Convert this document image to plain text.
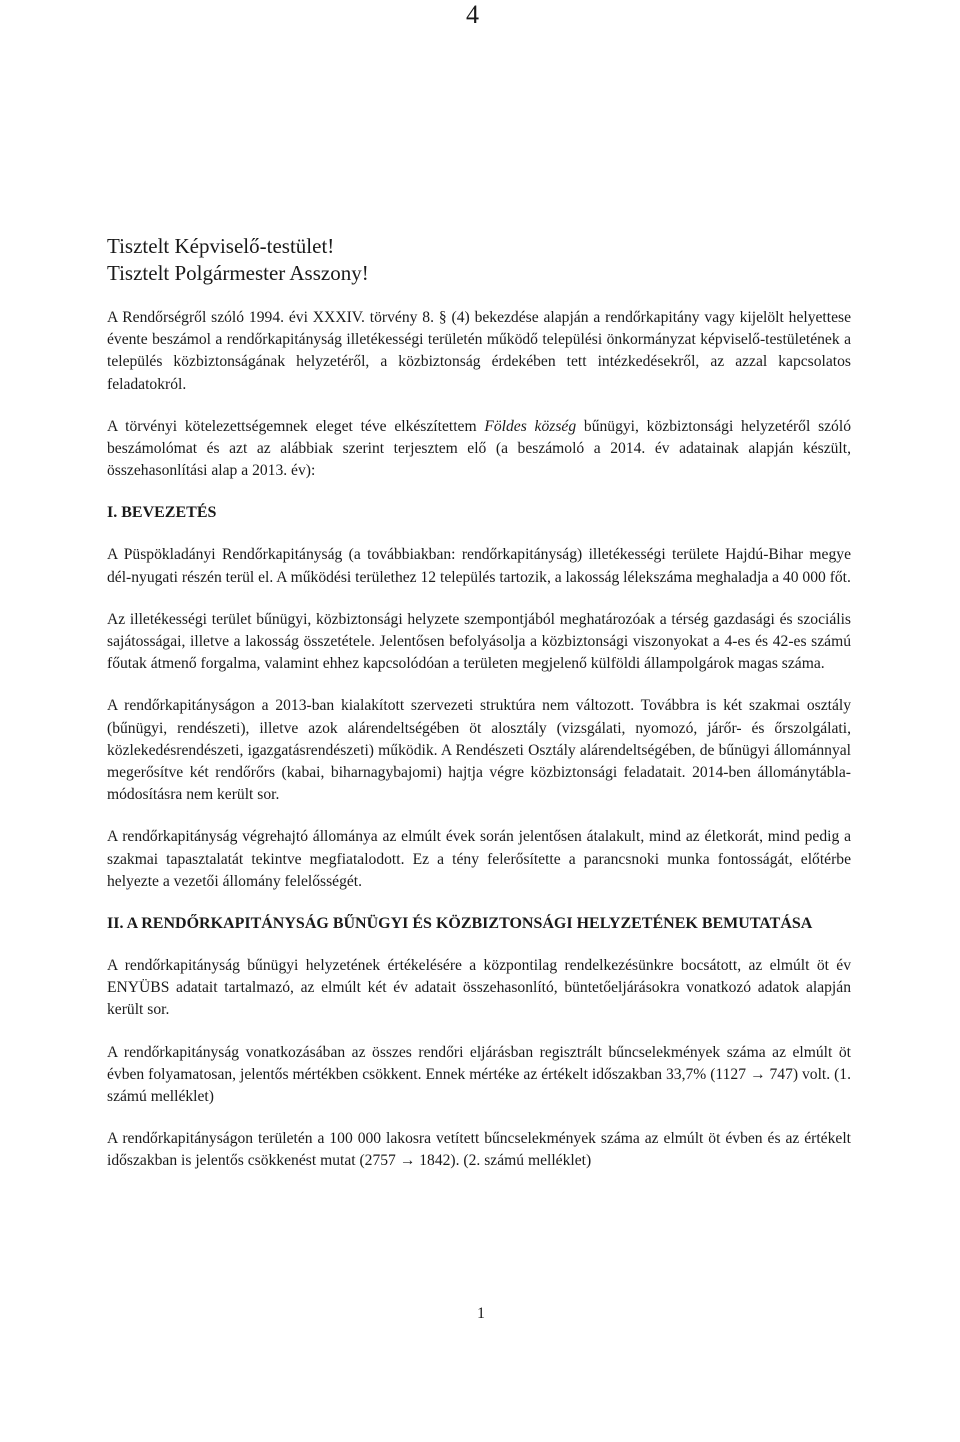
4

Tisztelt Képviselő-testület!

Tisztelt Polgármester Asszony!

A Rendőrségről szóló 1994. évi XXXIV. törvény 8. § (4) bekezdése alapján a rendőrkapitány vagy kijelölt helyettese évente beszámol a rendőrkapitányság illetékességi területén működő települési önkormányzat képviselő-testületének a település közbiztonságának helyzetéről, a közbiztonság érdekében tett intézkedésekről, az azzal kapcsolatos feladatokról.

A törvényi kötelezettségemnek eleget téve elkészítettem Földes község bűnügyi, közbiztonsági helyzetéről szóló beszámolómat és azt az alábbiak szerint terjesztem elő (a beszámoló a 2014. év adatainak alapján készült, összehasonlítási alap a 2013. év):

I. BEVEZETÉS

A Püspökladányi Rendőrkapitányság (a továbbiakban: rendőrkapitányság) illetékességi területe Hajdú-Bihar megye dél-nyugati részén terül el. A működési területhez 12 település tartozik, a lakosság lélekszáma meghaladja a 40 000 főt.

Az illetékességi terület bűnügyi, közbiztonsági helyzete szempontjából meghatározóak a térség gazdasági és szociális sajátosságai, illetve a lakosság összetétele. Jelentősen befolyásolja a közbiztonsági viszonyokat a 4-es és 42-es számú főutak átmenő forgalma, valamint ehhez kapcsolódóan a területen megjelenő külföldi állampolgárok magas száma.

A rendőrkapitányságon a 2013-ban kialakított szervezeti struktúra nem változott. Továbbra is két szakmai osztály (bűnügyi, rendészeti), illetve azok alárendeltségében öt alosztály (vizsgálati, nyomozó, járőr- és őrszolgálati, közlekedésrendészeti, igazgatásrendészeti) működik. A Rendészeti Osztály alárendeltségében, de bűnügyi állománnyal megerősítve két rendőrőrs (kabai, biharnagybajomi) hajtja végre közbiztonsági feladatait. 2014-ben állománytábla-módosításra nem került sor.

A rendőrkapitányság végrehajtó állománya az elmúlt évek során jelentősen átalakult, mind az életkorát, mind pedig a szakmai tapasztalatát tekintve megfiatalodott. Ez a tény felerősítette a parancsnoki munka fontosságát, előtérbe helyezte a vezetői állomány felelősségét.

II. A RENDŐRKAPITÁNYSÁG BŰNÜGYI ÉS KÖZBIZTONSÁGI HELYZETÉNEK BEMUTATÁSA

A rendőrkapitányság bűnügyi helyzetének értékelésére a központilag rendelkezésünkre bocsátott, az elmúlt öt év ENYÜBS adatait tartalmazó, az elmúlt két év adatait összehasonlító, büntetőeljárásokra vonatkozó adatok alapján került sor.

A rendőrkapitányság vonatkozásában az összes rendőri eljárásban regisztrált bűncselekmények száma az elmúlt öt évben folyamatosan, jelentős mértékben csökkent. Ennek mértéke az értékelt időszakban 33,7% (1127 → 747) volt. (1. számú melléklet)

A rendőrkapitányságon területén a 100 000 lakosra vetített bűncselekmények száma az elmúlt öt évben és az értékelt időszakban is jelentős csökkenést mutat (2757 → 1842). (2. számú melléklet)

1
